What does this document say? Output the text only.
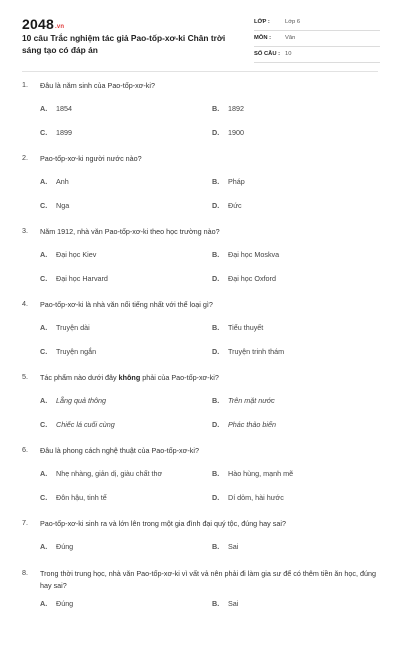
2048.vn
10 câu Trắc nghiệm tác giả Pao-tốp-xơ-ki Chân trời sáng tạo có đáp án
LỚP :	Lớp 6
MÔN : Văn
SỐ CÂU : 10
1. Đâu là năm sinh của Pao-tốp-xơ-ki?
A. 1854	B. 1892
C. 1899	D. 1900
2. Pao-tốp-xơ-ki người nước nào?
A. Anh	B. Pháp
C. Nga	D. Đức
3. Năm 1912, nhà văn Pao-tốp-xơ-ki theo học trường nào?
A. Đại học Kiev	B. Đại học Moskva
C. Đại học Harvard	D. Đại học Oxford
4. Pao-tốp-xơ-ki là nhà văn nổi tiếng nhất với thể loại gì?
A. Truyện dài	B. Tiểu thuyết
C. Truyện ngắn	D. Truyện trinh thám
5. Tác phẩm nào dưới đây không phải của Pao-tốp-xơ-ki?
A. Lẵng quả thông	B. Trên mặt nước
C. Chiếc lá cuối cùng	D. Phác thảo biển
6. Đâu là phong cách nghệ thuật của Pao-tốp-xơ-ki?
A. Nhẹ nhàng, giản dị, giàu chất thơ	B. Hào hùng, mạnh mẽ
C. Đôn hậu, tinh tế	D. Dí dỏm, hài hước
7. Pao-tốp-xơ-ki sinh ra và lớn lên trong một gia đình đại quý tộc, đúng hay sai?
A. Đúng	B. Sai
8. Trong thời trung học, nhà văn Pao-tốp-xơ-ki vì vất vả nên phải đi làm gia sư để có thêm tiền ăn học, đúng hay sai?
A. Đúng	B. Sai
